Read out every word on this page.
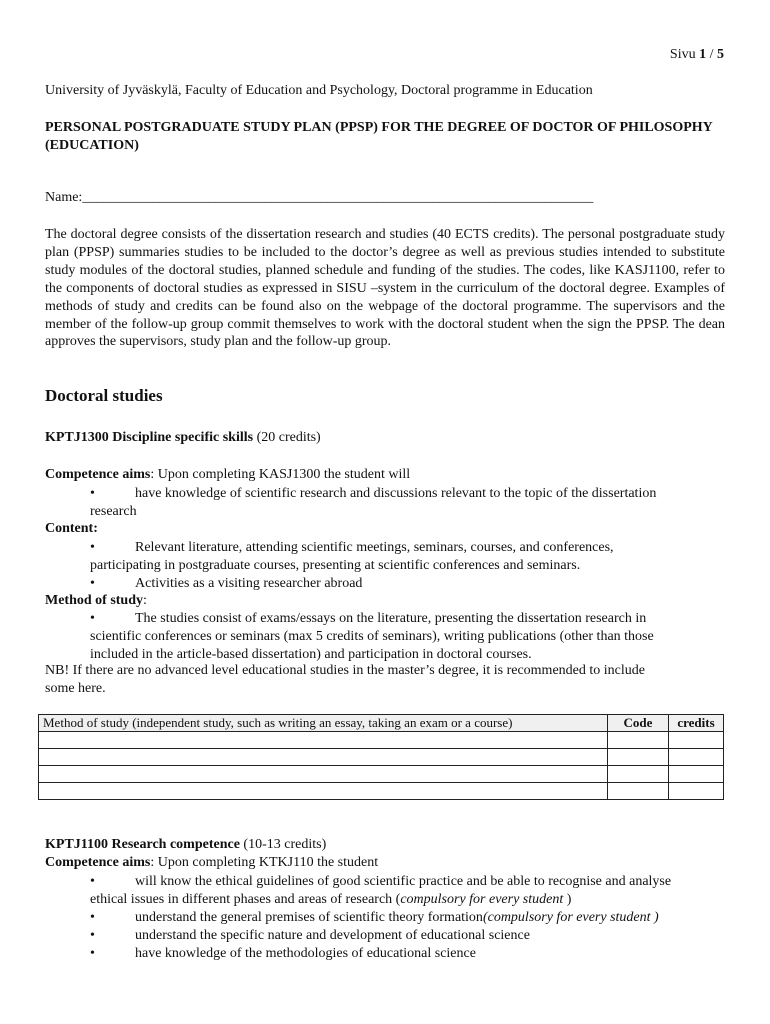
Sivu 1 / 5
University of Jyväskylä, Faculty of Education and Psychology, Doctoral programme in Education
PERSONAL POSTGRADUATE STUDY PLAN (PPSP) FOR THE DEGREE OF DOCTOR OF PHILOSOPHY (EDUCATION)
Name:_________________________________________________________________________
The doctoral degree consists of the dissertation research and studies (40 ECTS credits). The personal postgraduate study plan (PPSP) summaries studies to be included to the doctor’s degree as well as previous studies intended to substitute study modules of the doctoral studies, planned schedule and funding of the studies. The codes, like KASJ1100, refer to the components of doctoral studies as expressed in SISU –system in the curriculum of the doctoral degree. Examples of methods of study and credits can be found also on the webpage of the doctoral programme. The supervisors and the member of the follow-up group commit themselves to work with the doctoral student when the sign the PPSP. The dean approves the supervisors, study plan and the follow-up group.
Doctoral studies
KPTJ1300 Discipline specific skills (20 credits)
Competence aims: Upon completing KASJ1300 the student will
•	have knowledge of scientific research and discussions relevant to the topic of the dissertation
research
Content:
•	Relevant literature, attending scientific meetings, seminars, courses, and conferences,
participating in postgraduate courses, presenting at scientific conferences and seminars.
•	Activities as a visiting researcher abroad
Method of study:
•	The studies consist of exams/essays on the literature, presenting the dissertation research in
scientific conferences or seminars (max 5 credits of seminars), writing publications (other than those
included in the article-based dissertation) and participation in doctoral courses.
NB! If there are no advanced level educational studies in the master’s degree, it is recommended to include
some here.
Method of study (independent study, such as writing an essay, taking an exam or a course)	Code	credits

KPTJ1100 Research competence (10-13 credits)
Competence aims: Upon completing KTKJ110 the student
•	will know the ethical guidelines of good scientific practice and be able to recognise and analyse
ethical issues in different phases and areas of research (compulsory for every student )
•	understand the general premises of scientific theory formation(compulsory for every student )
•	understand the specific nature and development of educational science
•	have knowledge of the methodologies of educational science
